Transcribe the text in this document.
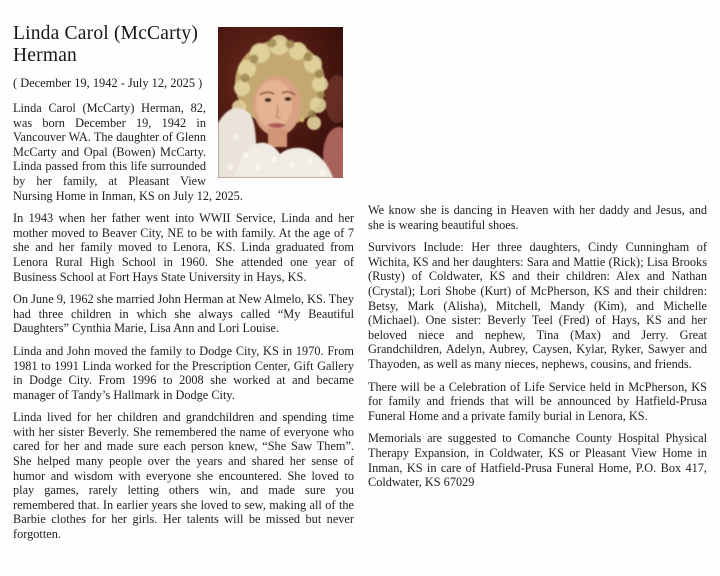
Linda Carol (McCarty) Herman

( December 19, 1942 - July 12, 2025 )

Linda Carol (McCarty) Herman, 82, was born December 19, 1942 in Vancouver WA. The daughter of Glenn McCarty and Opal (Bowen) McCarty. Linda passed from this life surrounded by her family, at Pleasant View Nursing Home in Inman, KS on July 12, 2025.

In 1943 when her father went into WWII Service, Linda and her mother moved to Beaver City, NE to be with family. At the age of 7 she and her family moved to Lenora, KS. Linda graduated from Lenora Rural High School in 1960. She attended one year of Business School at Fort Hays State University in Hays, KS.

On June 9, 1962 she married John Herman at New Almelo, KS. They had three children in which she always called “My Beautiful Daughters” Cynthia Marie, Lisa Ann and Lori Louise.

Linda and John moved the family to Dodge City, KS in 1970. From 1981 to 1991 Linda worked for the Prescription Center, Gift Gallery in Dodge City. From 1996 to 2008 she worked at and became manager of Tandy’s Hallmark in Dodge City.

Linda lived for her children and grandchildren and spending time with her sister Beverly. She remembered the name of everyone who cared for her and made sure each person knew, “She Saw Them”. She helped many people over the years and shared her sense of humor and wisdom with everyone she encountered. She loved to play games, rarely letting others win, and made sure you remembered that. In earlier years she loved to sew, making all of the Barbie clothes for her girls. Her talents will be missed but never forgotten.

We know she is dancing in Heaven with her daddy and Jesus, and she is wearing beautiful shoes.

Survivors Include: Her three daughters, Cindy Cunningham of Wichita, KS and her daughters: Sara and Mattie (Rick); Lisa Brooks (Rusty) of Coldwater, KS and their children: Alex and Nathan (Crystal); Lori Shobe (Kurt) of McPherson, KS and their children: Betsy, Mark (Alisha), Mitchell, Mandy (Kim), and Michelle (Michael). One sister: Beverly Teel (Fred) of Hays, KS and her beloved niece and nephew, Tina (Max) and Jerry. Great Grandchildren, Adelyn, Aubrey, Caysen, Kylar, Ryker, Sawyer and Thayoden, as well as many nieces, nephews, cousins, and friends.

There will be a Celebration of Life Service held in McPherson, KS for family and friends that will be announced by Hatfield-Prusa Funeral Home and a private family burial in Lenora, KS.

Memorials are suggested to Comanche County Hospital Physical Therapy Expansion, in Coldwater, KS or Pleasant View Home in Inman, KS in care of Hatfield-Prusa Funeral Home, P.O. Box 417, Coldwater, KS 67029
